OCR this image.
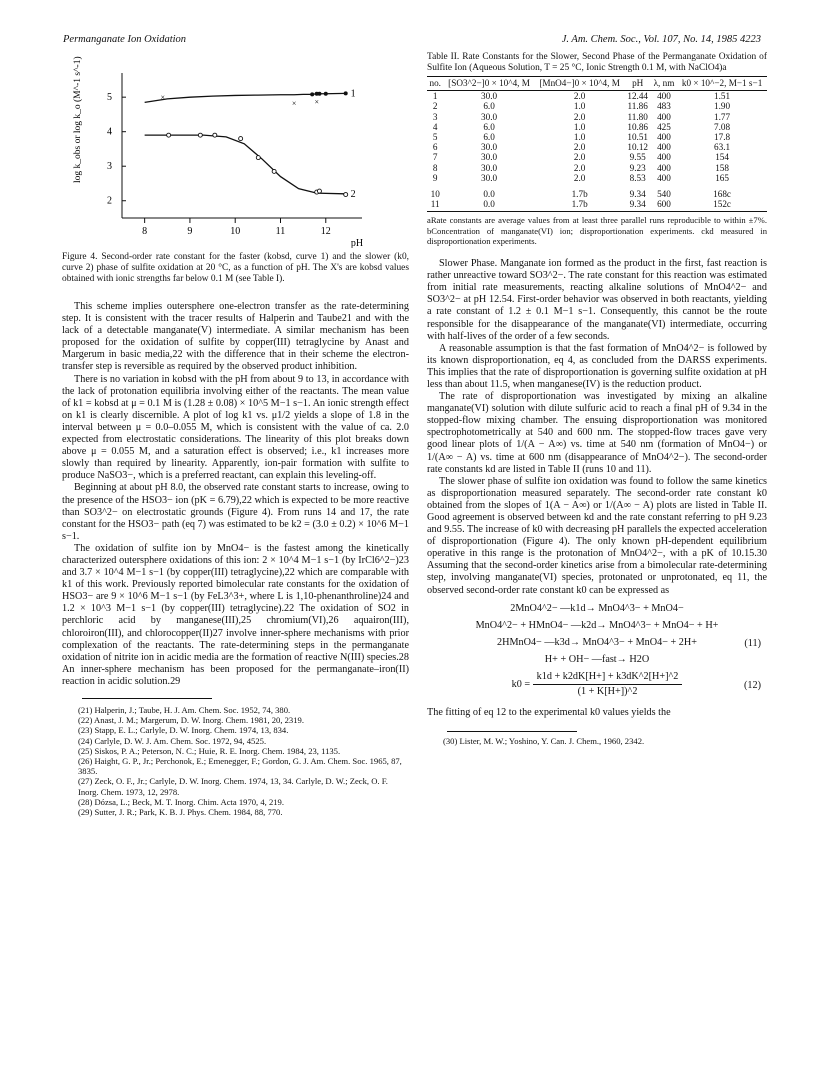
Permanganate Ion Oxidation	J. Am. Chem. Soc., Vol. 107, No. 14, 1985 4223
log k_obs or log k_o (M^-1 s^-1) 5
4
3
2
8	9	10	11	12
pH
×
× ×
1
2

Figure 4. Second-order rate constant for the faster (kobsd, curve 1) and the slower (k0, curve 2) phase of sulfite oxidation at 20 °C, as a function of pH. The X's are kobsd values obtained with ionic strengths far below 0.1 M (see Table I).

This scheme implies outersphere one-electron transfer as the rate-determining step. It is consistent with the tracer results of Halperin and Taube21 and with the lack of a detectable manganate(V) intermediate. A similar mechanism has been proposed for the oxidation of sulfite by copper(III) tetraglycine by Anast and Margerum in basic media,22 with the difference that in their scheme the electron-transfer step is reversible as required by the observed product inhibition.

There is no variation in kobsd with the pH from about 9 to 13, in accordance with the lack of protonation equilibria involving either of the reactants. The mean value of k1 = kobsd at μ = 0.1 M is (1.28 ± 0.08) × 10^5 M−1 s−1. An ionic strength effect on k1 is clearly discernible. A plot of log k1 vs. μ1/2 yields a slope of 1.8 in the interval between μ = 0.0–0.055 M, which is consistent with the value of ca. 2.0 expected from electrostatic considerations. The linearity of this plot breaks down above μ = 0.055 M, and a saturation effect is observed; i.e., k1 increases more slowly than required by linearity. Apparently, ion-pair formation with sulfite to produce NaSO3−, which is a preferred reactant, can explain this leveling-off.

Beginning at about pH 8.0, the observed rate constant starts to increase, owing to the presence of the HSO3− ion (pK = 6.79),22 which is expected to be more reactive than SO3^2− on electrostatic grounds (Figure 4). From runs 14 and 17, the rate constant for the HSO3− path (eq 7) was estimated to be k2 = (3.0 ± 0.2) × 10^6 M−1 s−1.

The oxidation of sulfite ion by MnO4− is the fastest among the kinetically characterized outersphere oxidations of this ion: 2 × 10^4 M−1 s−1 (by IrCl6^2−)23 and 3.7 × 10^4 M−1 s−1 (by copper(III) tetraglycine),22 which are comparable with k1 of this work. Previously reported bimolecular rate constants for the oxidation of HSO3− are 9 × 10^6 M−1 s−1 (by FeL3^3+, where L is 1,10-phenanthroline)24 and 1.2 × 10^3 M−1 s−1 (by copper(III) tetraglycine).22 The oxidation of SO2 in perchloric acid by manganese(III),25 chromium(VI),26 aquairon(III), chloroiron(III), and chlorocopper(II)27 involve inner-sphere mechanisms with prior complexation of the reactants. The rate-determining steps in the permanganate oxidation of nitrite ion in acidic media are the formation of reactive N(III) species.28 An inner-sphere mechanism has been proposed for the permanganate–iron(II) reaction in acidic solution.29

(21) Halperin, J.; Taube, H. J. Am. Chem. Soc. 1952, 74, 380.

(22) Anast, J. M.; Margerum, D. W. Inorg. Chem. 1981, 20, 2319.

(23) Stapp, E. L.; Carlyle, D. W. Inorg. Chem. 1974, 13, 834.

(24) Carlyle, D. W. J. Am. Chem. Soc. 1972, 94, 4525.

(25) Siskos, P. A.; Peterson, N. C.; Huie, R. E. Inorg. Chem. 1984, 23, 1135.

(26) Haight, G. P., Jr.; Perchonok, E.; Emenegger, F.; Gordon, G. J. Am. Chem. Soc. 1965, 87, 3835.

(27) Zeck, O. F., Jr.; Carlyle, D. W. Inorg. Chem. 1974, 13, 34. Carlyle, D. W.; Zeck, O. F. Inorg. Chem. 1973, 12, 2978.

(28) Dózsa, L.; Beck, M. T. Inorg. Chim. Acta 1970, 4, 219.

(29) Sutter, J. R.; Park, K. B. J. Phys. Chem. 1984, 88, 770.

Table II. Rate Constants for the Slower, Second Phase of the Permanganate Oxidation of Sulfite Ion (Aqueous Solution, T = 25 °C, Ionic Strength 0.1 M, with NaClO4)a

no.	[SO3^2−]0 × 10^4, M	[MnO4−]0 × 10^4, M	pH	λ, nm	k0 × 10^−2, M−1 s−1
1	30.0	2.0	12.44	400	1.51
2	6.0	1.0	11.86	483	1.90
3	30.0	2.0	11.80	400	1.77
4	6.0	1.0	10.86	425	7.08
5	6.0	1.0	10.51	400	17.8
6	30.0	2.0	10.12	400	63.1
7	30.0	2.0	9.55	400	154
8	30.0	2.0	9.23	400	158
9	30.0	2.0	8.53	400	165
10	0.0	1.7b	9.34	540	168c
11	0.0	1.7b	9.34	600	152c

aRate constants are average values from at least three parallel runs reproducible to within ±7%. bConcentration of manganate(VI) ion; disproportionation experiments. ckd measured in disproportionation experiments.

Slower Phase. Manganate ion formed as the product in the first, fast reaction is rather unreactive toward SO3^2−. The rate constant for this reaction was estimated from initial rate measurements, reacting alkaline solutions of MnO4^2− and SO3^2− at pH 12.54. First-order behavior was observed in both reactants, yielding a rate constant of 1.2 ± 0.1 M−1 s−1. Consequently, this cannot be the route responsible for the disappearance of the manganate(VI) intermediate, occurring with half-lives of the order of a few seconds.

A reasonable assumption is that the fast formation of MnO4^2− is followed by its known disproportionation, eq 4, as concluded from the DARSS experiments. This implies that the rate of disproportionation is governing sulfite oxidation at pH less than about 11.5, when manganese(IV) is the reduction product.

The rate of disproportionation was investigated by mixing an alkaline manganate(VI) solution with dilute sulfuric acid to reach a final pH of 9.34 in the stopped-flow mixing chamber. The ensuing disproportionation was monitored spectrophotometrically at 540 and 600 nm. The stopped-flow traces gave very good linear plots of 1/(A − A∞) vs. time at 540 nm (formation of MnO4−) or 1/(A∞ − A) vs. time at 600 nm (disappearance of MnO4^2−). The second-order rate constants kd are listed in Table II (runs 10 and 11).

The slower phase of sulfite ion oxidation was found to follow the same kinetics as disproportionation measured separately. The second-order rate constant k0 obtained from the slopes of 1(A − A∞) or 1/(A∞ − A) plots are listed in Table II. Good agreement is observed between kd and the rate constant referring to pH 9.23 and 9.55. The increase of k0 with decreasing pH parallels the expected acceleration of disproportionation (Figure 4). The only known pH-dependent equilibrium operative in this range is the protonation of MnO4^2−, with a pK of 10.15.30 Assuming that the second-order kinetics arise from a bimolecular rate-determining step, involving manganate(VI) species, protonated or unprotonated, eq 11, the observed second-order rate constant k0 can be expressed as

2MnO4^2− —k1d→ MnO4^3− + MnO4−
MnO4^2− + HMnO4− —k2d→ MnO4^3− + MnO4− + H+
2HMnO4− —k3d→ MnO4^3− + MnO4− + 2H+	(11)
H+ + OH− —fast→ H2O
$k0 = \frac{k1d + k2dK[H+] + k3dK\^{}2[H+]\^{}2}{(1 + K[H+])\^{}2}$	(12)

The fitting of eq 12 to the experimental k0 values yields the

(30) Lister, M. W.; Yoshino, Y. Can. J. Chem., 1960, 2342.
